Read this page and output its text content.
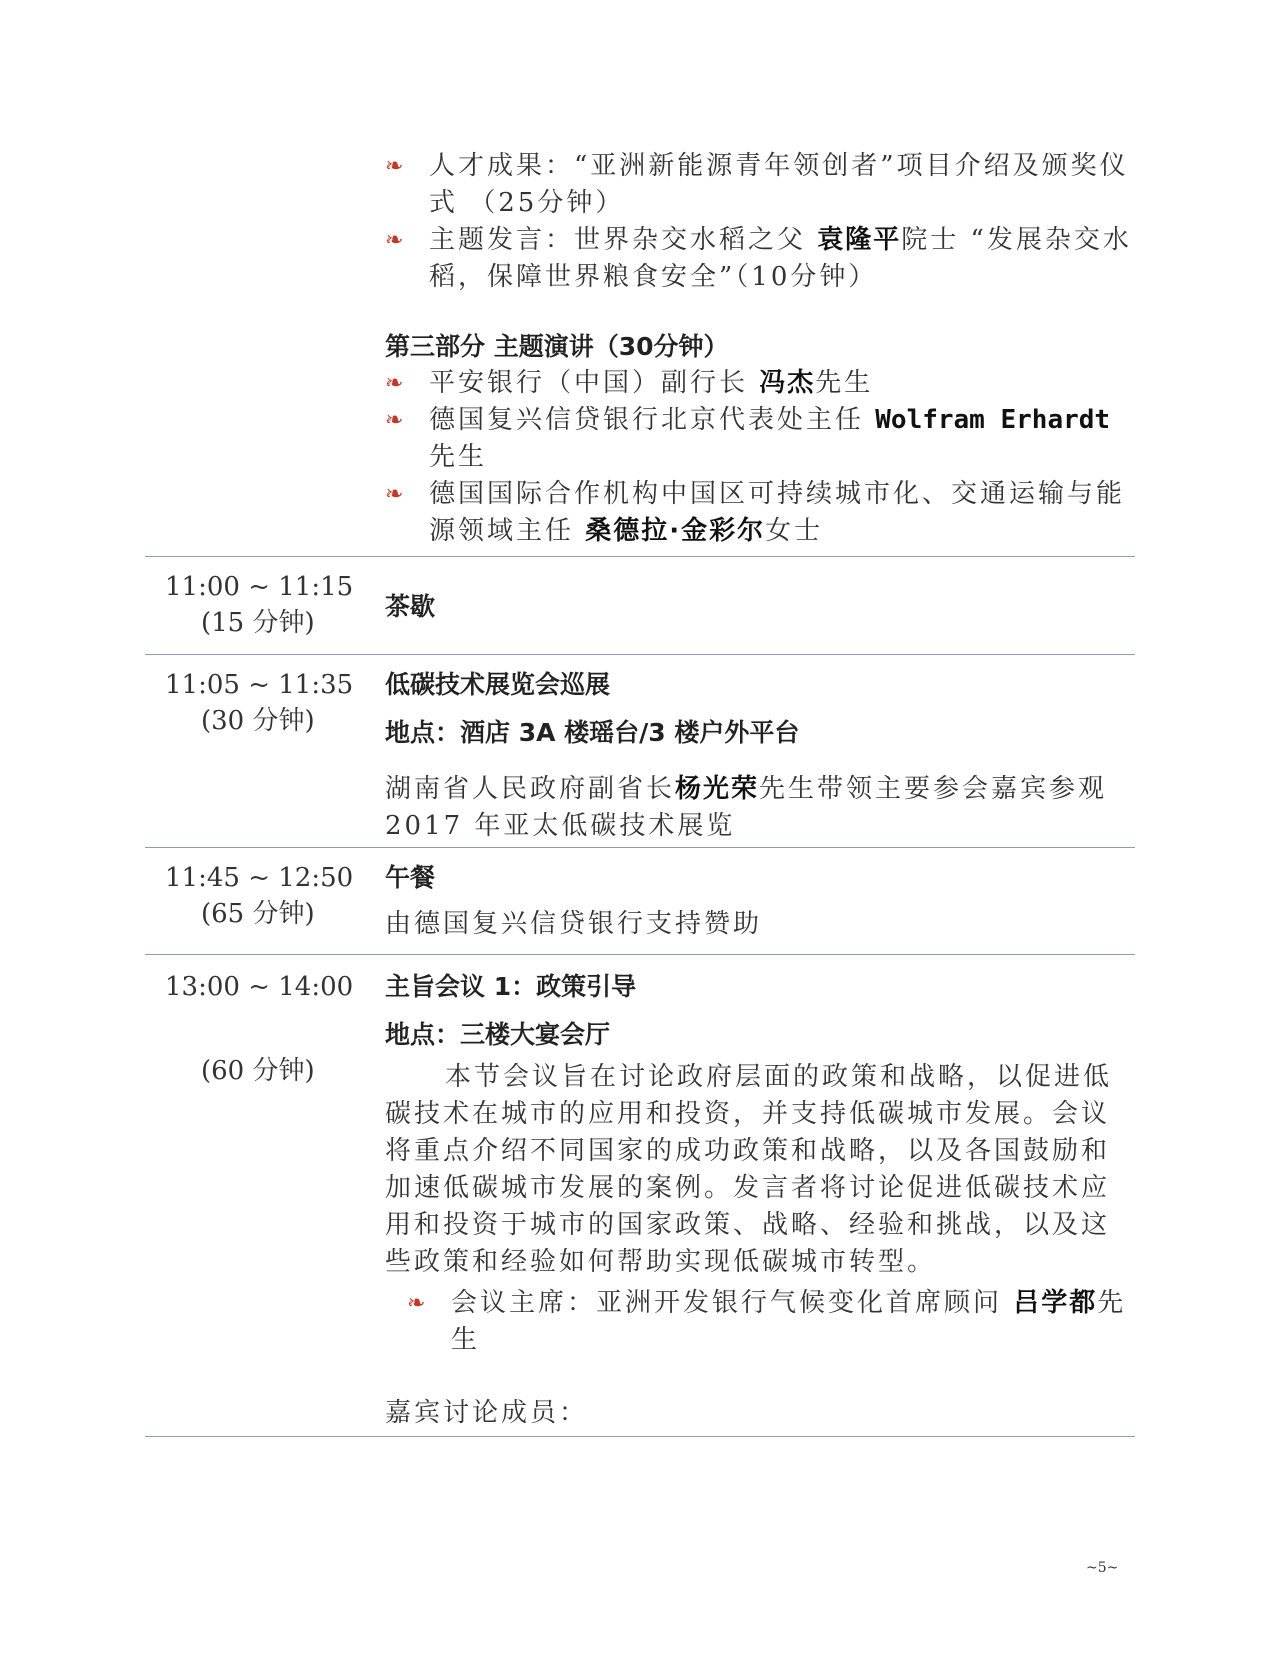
❧ 人才成果：“亚洲新能源青年领创者”项目介绍及颁奖仪式 （25分钟）
❧ 主题发言：世界杂交水稻之父 袁隆平院士 “发展杂交水稻，保障世界粮食安全”（10分钟）
第三部分 主题演讲（30分钟）
❧ 平安银行（中国）副行长 冯杰先生
❧ 德国复兴信贷银行北京代表处主任 Wolfram Erhardt 先生
❧ 德国国际合作机构中国区可持续城市化、交通运输与能源领域主任 桑德拉·金彩尔女士
11:00 ~ 11:15
(15 分钟)
茶歇
11:05 ~ 11:35
(30 分钟)
低碳技术展览会巡展
地点：酒店 3A 楼瑶台/3 楼户外平台
湖南省人民政府副省长杨光荣先生带领主要参会嘉宾参观 2017 年亚太低碳技术展览
11:45 ~ 12:50
(65 分钟)
午餐
由德国复兴信贷银行支持赞助
13:00 ~ 14:00
(60 分钟)
主旨会议 1：政策引导
地点：三楼大宴会厅
本节会议旨在讨论政府层面的政策和战略，以促进低碳技术在城市的应用和投资，并支持低碳城市发展。会议将重点介绍不同国家的成功政策和战略，以及各国鼓励和加速低碳城市发展的案例。发言者将讨论促进低碳技术应用和投资于城市的国家政策、战略、经验和挑战，以及这些政策和经验如何帮助实现低碳城市转型。
❧ 会议主席：亚洲开发银行气候变化首席顾问 吕学都先生
嘉宾讨论成员：
~5~
